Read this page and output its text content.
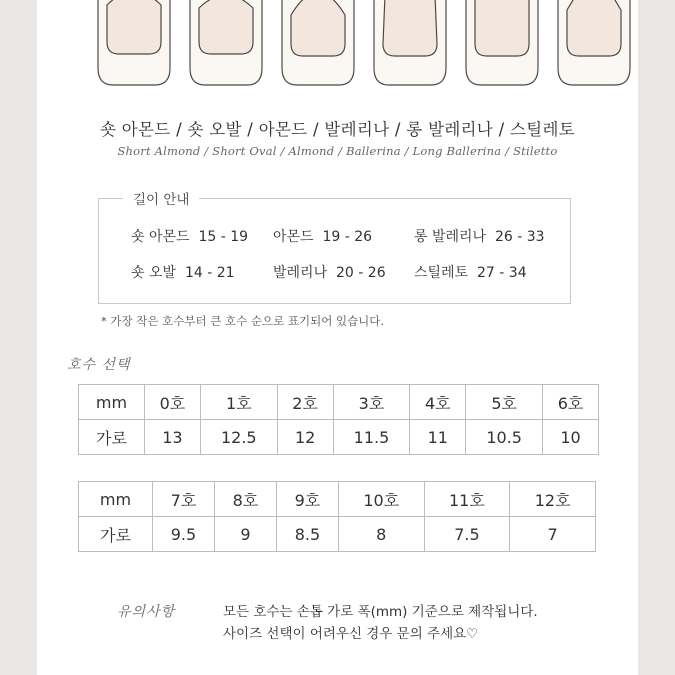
숏 아몬드 / 숏 오발 / 아몬드 / 발레리나 / 롱 발레리나 / 스틸레토
Short Almond / Short Oval / Almond / Ballerina / Long Ballerina / Stiletto
길이 안내
숏 아몬드 15 - 19 아몬드 19 - 26	롱 발레리나 26 - 33
숏 오발 14 - 21	발레리나 20 - 26 스틸레토 27 - 34
* 가장 작은 호수부터 큰 호수 순으로 표기되어 있습니다.
호수 선택
mm	0호	1호	2호	3호	4호	5호	6호
가로	13	12.5	12	11.5	11	10.5	10
mm	7호	8호	9호	10호	11호	12호
가로	9.5	9	8.5	8	7.5	7
유의사항	모든 호수는 손톱 가로 폭(mm) 기준으로 제작됩니다.
사이즈 선택이 어려우신 경우 문의 주세요♡
